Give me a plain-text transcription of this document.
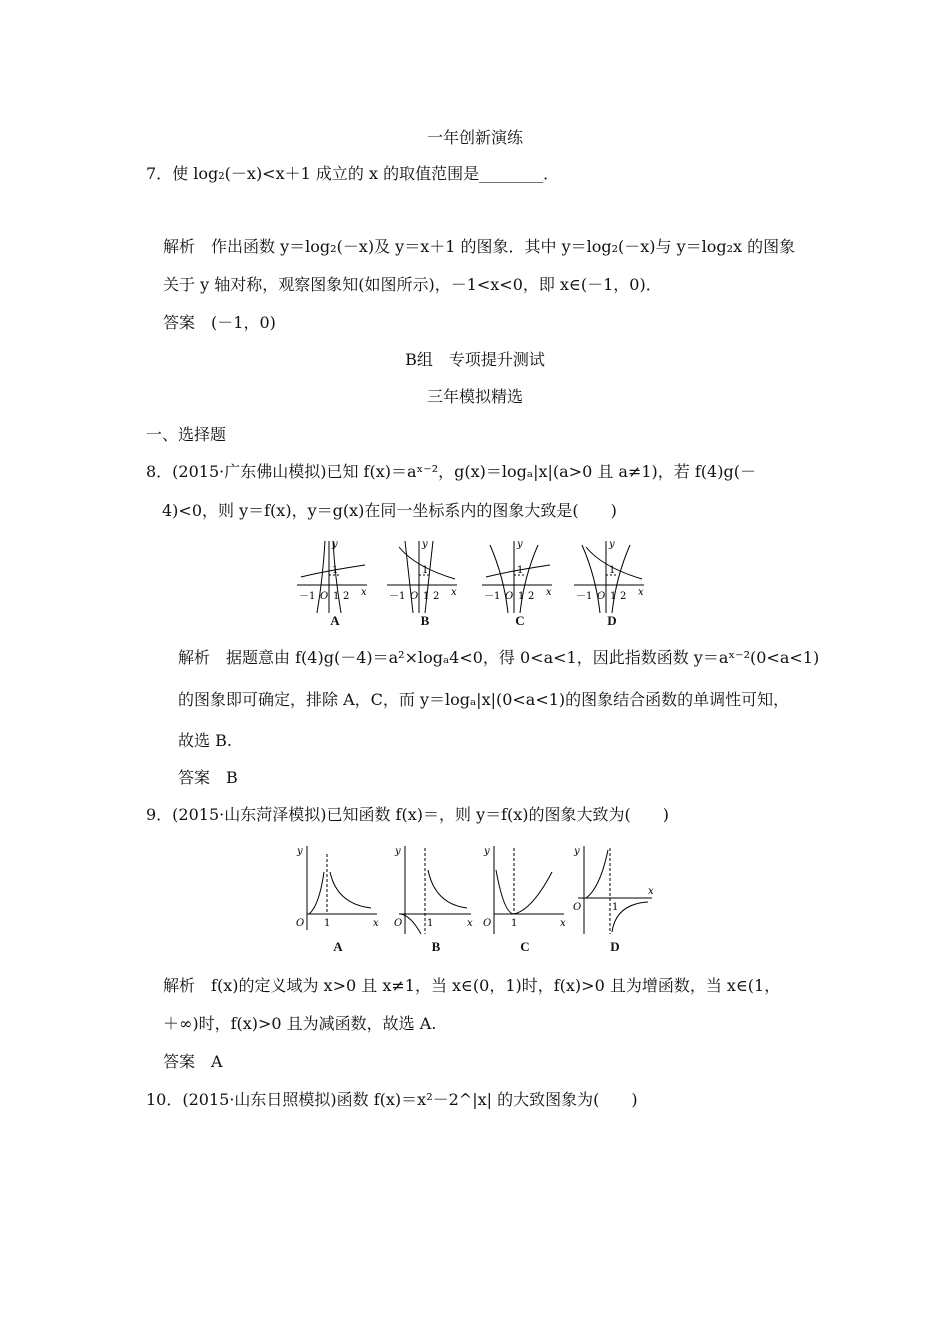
一年创新演练
7．使 log₂(－x)<x＋1 成立的 x 的取值范围是________．
解析　 作出函数 y＝log₂(－x)及 y＝x＋1 的图象．其中 y＝log₂(－x)与 y＝log₂x 的图象
关于 y 轴对称，观察图象知(如图所示)，－1<x<0，即 x∈(－1，0)．
答案　 (－1，0)
B组　专项提升测试
三年模拟精选
一、选择题
8．(2015·广东佛山模拟)已知 f(x)＝aˣ⁻²，g(x)＝logₐ|x|(a>0 且 a≠1)，若 f(4)g(－
4)<0，则 y＝f(x)，y＝g(x)在同一坐标系内的图象大致是(　　)
－1 O 1 2 x
y
1
A
－1 O 1 2 x
y
1
B
－1 O 1 2 x
y
1
C
－1 O 1 2 x
y
1
D
解析　 据题意由 f(4)g(－4)＝a²×logₐ4<0，得 0<a<1，因此指数函数 y＝aˣ⁻²(0<a<1)
的图象即可确定，排除 A，C，而 y＝logₐ|x|(0<a<1)的图象结合函数的单调性可知，
故选 B.
答案　 B
9．(2015·山东菏泽模拟)已知函数 f(x)＝，则 y＝f(x)的图象大致为(　　)
O 1	x
y
A
O 1	x
y
B
O 1	x
y
C
O	1
x
y
D
解析　 f(x)的定义域为 x>0 且 x≠1，当 x∈(0，1)时，f(x)>0 且为增函数，当 x∈(1，
＋∞)时，f(x)>0 且为减函数，故选 A.
答案　 A
10．(2015·山东日照模拟)函数 f(x)＝x²－2^|x| 的大致图象为(　　)
